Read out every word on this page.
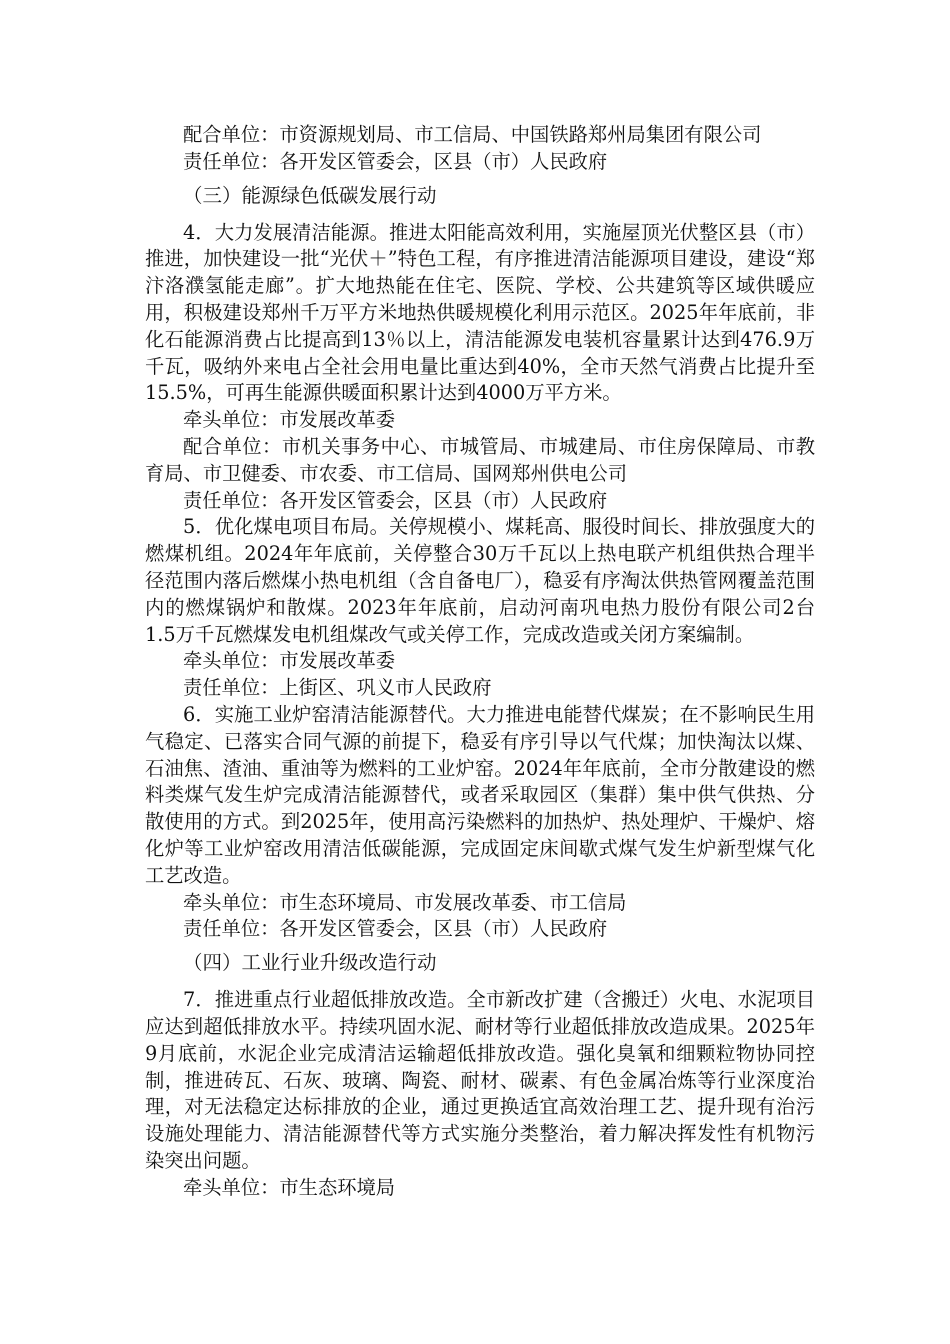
配合单位：市资源规划局、市工信局、中国铁路郑州局集团有限公司

责任单位：各开发区管委会，区县（市）人民政府

（三）能源绿色低碳发展行动

4．大力发展清洁能源。推进太阳能高效利用，实施屋顶光伏整区县（市）推进，加快建设一批“光伏＋”特色工程，有序推进清洁能源项目建设，建设“郑汴洛濮氢能走廊”。扩大地热能在住宅、医院、学校、公共建筑等区域供暖应用，积极建设郑州千万平方米地热供暖规模化利用示范区。2025年年底前，非化石能源消费占比提高到13％以上，清洁能源发电装机容量累计达到476.9万千瓦，吸纳外来电占全社会用电量比重达到40%，全市天然气消费占比提升至15.5%，可再生能源供暖面积累计达到4000万平方米。

牵头单位：市发展改革委

配合单位：市机关事务中心、市城管局、市城建局、市住房保障局、市教育局、市卫健委、市农委、市工信局、国网郑州供电公司

责任单位：各开发区管委会，区县（市）人民政府

5．优化煤电项目布局。关停规模小、煤耗高、服役时间长、排放强度大的燃煤机组。2024年年底前，关停整合30万千瓦以上热电联产机组供热合理半径范围内落后燃煤小热电机组（含自备电厂），稳妥有序淘汰供热管网覆盖范围内的燃煤锅炉和散煤。2023年年底前，启动河南巩电热力股份有限公司2台1.5万千瓦燃煤发电机组煤改气或关停工作，完成改造或关闭方案编制。

牵头单位：市发展改革委

责任单位：上街区、巩义市人民政府

6．实施工业炉窑清洁能源替代。大力推进电能替代煤炭；在不影响民生用气稳定、已落实合同气源的前提下，稳妥有序引导以气代煤；加快淘汰以煤、石油焦、渣油、重油等为燃料的工业炉窑。2024年年底前，全市分散建设的燃料类煤气发生炉完成清洁能源替代，或者采取园区（集群）集中供气供热、分散使用的方式。到2025年，使用高污染燃料的加热炉、热处理炉、干燥炉、熔化炉等工业炉窑改用清洁低碳能源，完成固定床间歇式煤气发生炉新型煤气化工艺改造。

牵头单位：市生态环境局、市发展改革委、市工信局

责任单位：各开发区管委会，区县（市）人民政府

（四）工业行业升级改造行动

7．推进重点行业超低排放改造。全市新改扩建（含搬迁）火电、水泥项目应达到超低排放水平。持续巩固水泥、耐材等行业超低排放改造成果。2025年9月底前，水泥企业完成清洁运输超低排放改造。强化臭氧和细颗粒物协同控制，推进砖瓦、石灰、玻璃、陶瓷、耐材、碳素、有色金属冶炼等行业深度治理，对无法稳定达标排放的企业，通过更换适宜高效治理工艺、提升现有治污设施处理能力、清洁能源替代等方式实施分类整治，着力解决挥发性有机物污染突出问题。

牵头单位：市生态环境局
